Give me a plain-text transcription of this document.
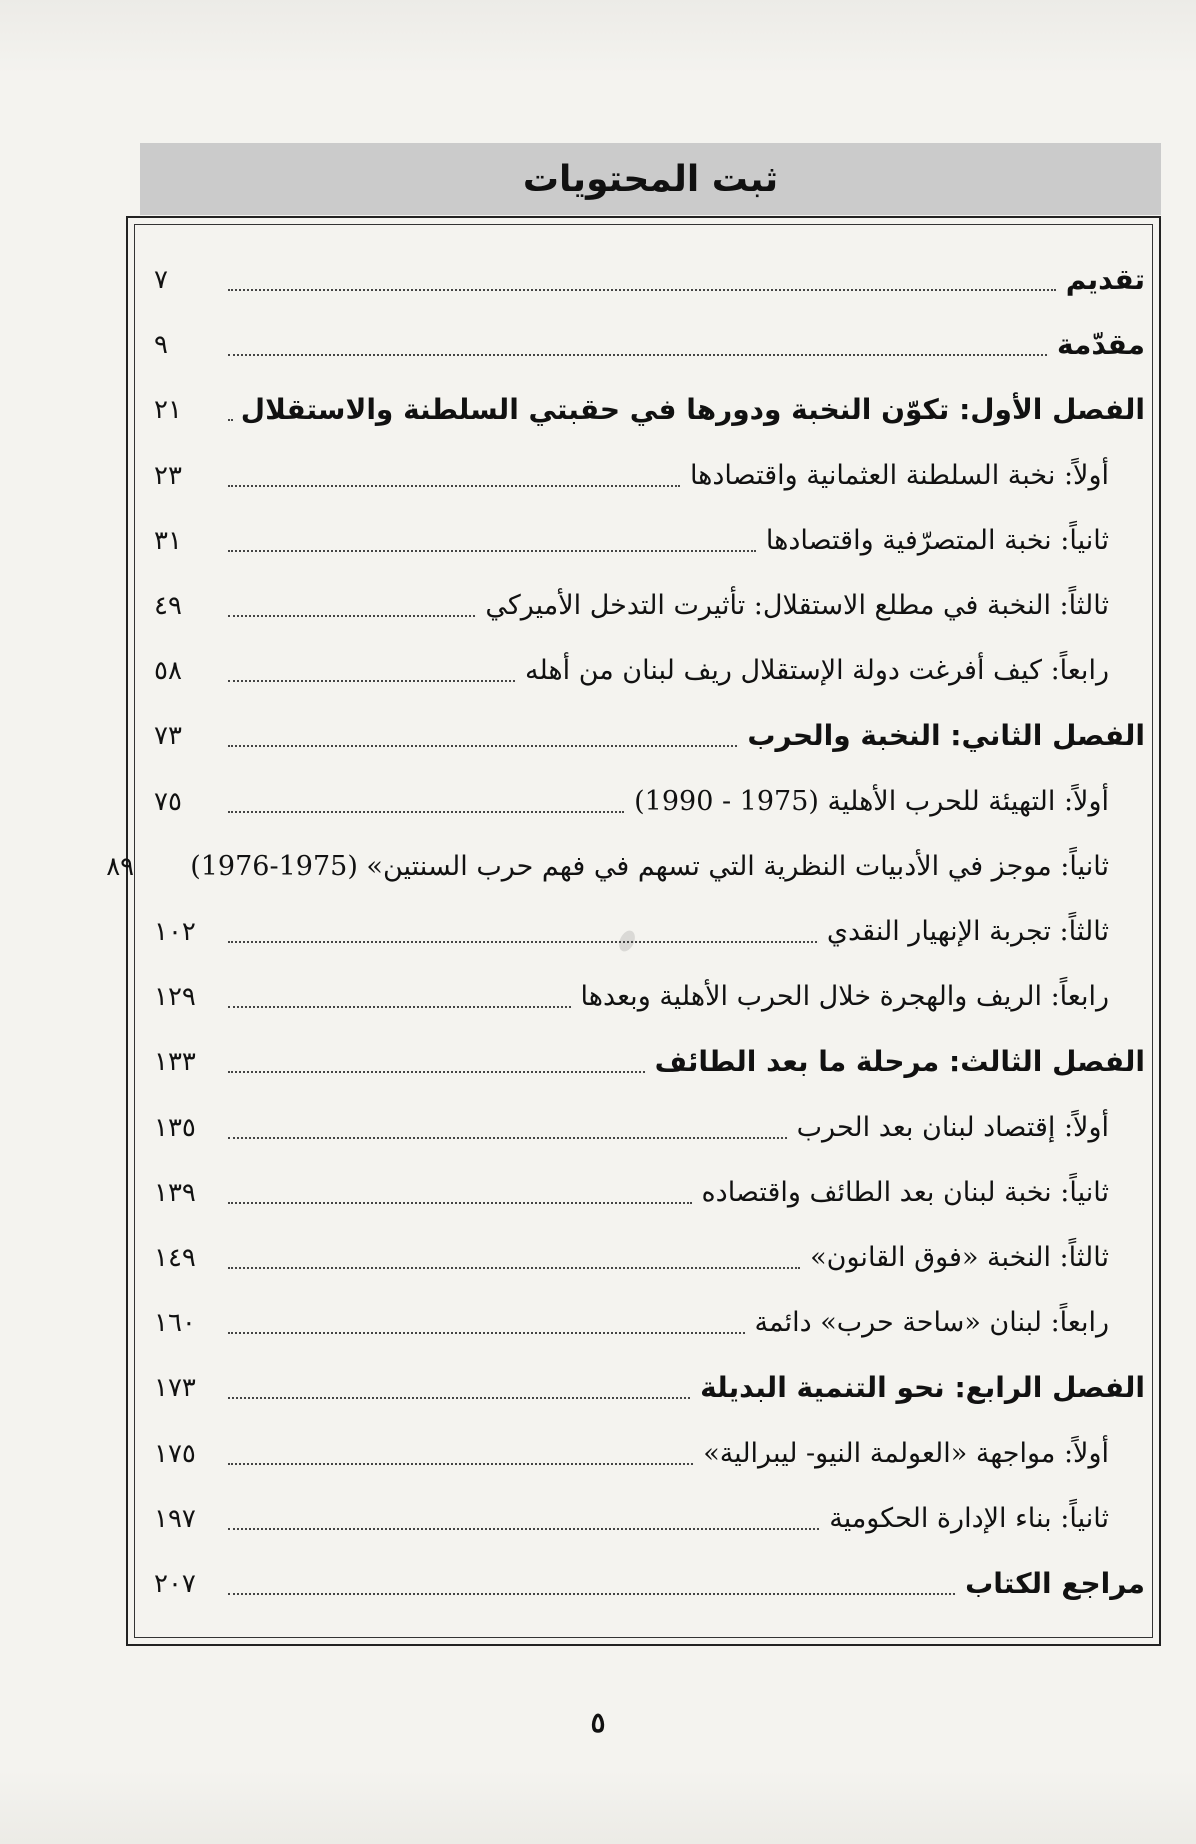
ثبت المحتويات
تقديم
٧
مقدّمة
٩
الفصل الأول: تكوّن النخبة ودورها في حقبتي السلطنة والاستقلال
٢١
أولاً: نخبة السلطنة العثمانية واقتصادها
٢٣
ثانياً: نخبة المتصرّفية واقتصادها
٣١
ثالثاً: النخبة في مطلع الاستقلال: تأثيرت التدخل الأميركي
٤٩
رابعاً: كيف أفرغت دولة الإستقلال ريف لبنان من أهله
٥٨
الفصل الثاني: النخبة والحرب
٧٣
أولاً: التهيئة للحرب الأهلية (1975 - 1990)
٧٥
ثانياً: موجز في الأدبيات النظرية التي تسهم في فهم حرب السنتين» (1975-1976)
٨٩
ثالثاً: تجربة الإنهيار النقدي
١٠٢
رابعاً: الريف والهجرة خلال الحرب الأهلية وبعدها
١٢٩
الفصل الثالث: مرحلة ما بعد الطائف
١٣٣
أولاً: إقتصاد لبنان بعد الحرب
١٣٥
ثانياً: نخبة لبنان بعد الطائف واقتصاده
١٣٩
ثالثاً: النخبة «فوق القانون»
١٤٩
رابعاً: لبنان «ساحة حرب» دائمة
١٦٠
الفصل الرابع: نحو التنمية البديلة
١٧٣
أولاً: مواجهة «العولمة النيو- ليبرالية»
١٧٥
ثانياً: بناء الإدارة الحكومية
١٩٧
مراجع الكتاب
٢٠٧
٥
